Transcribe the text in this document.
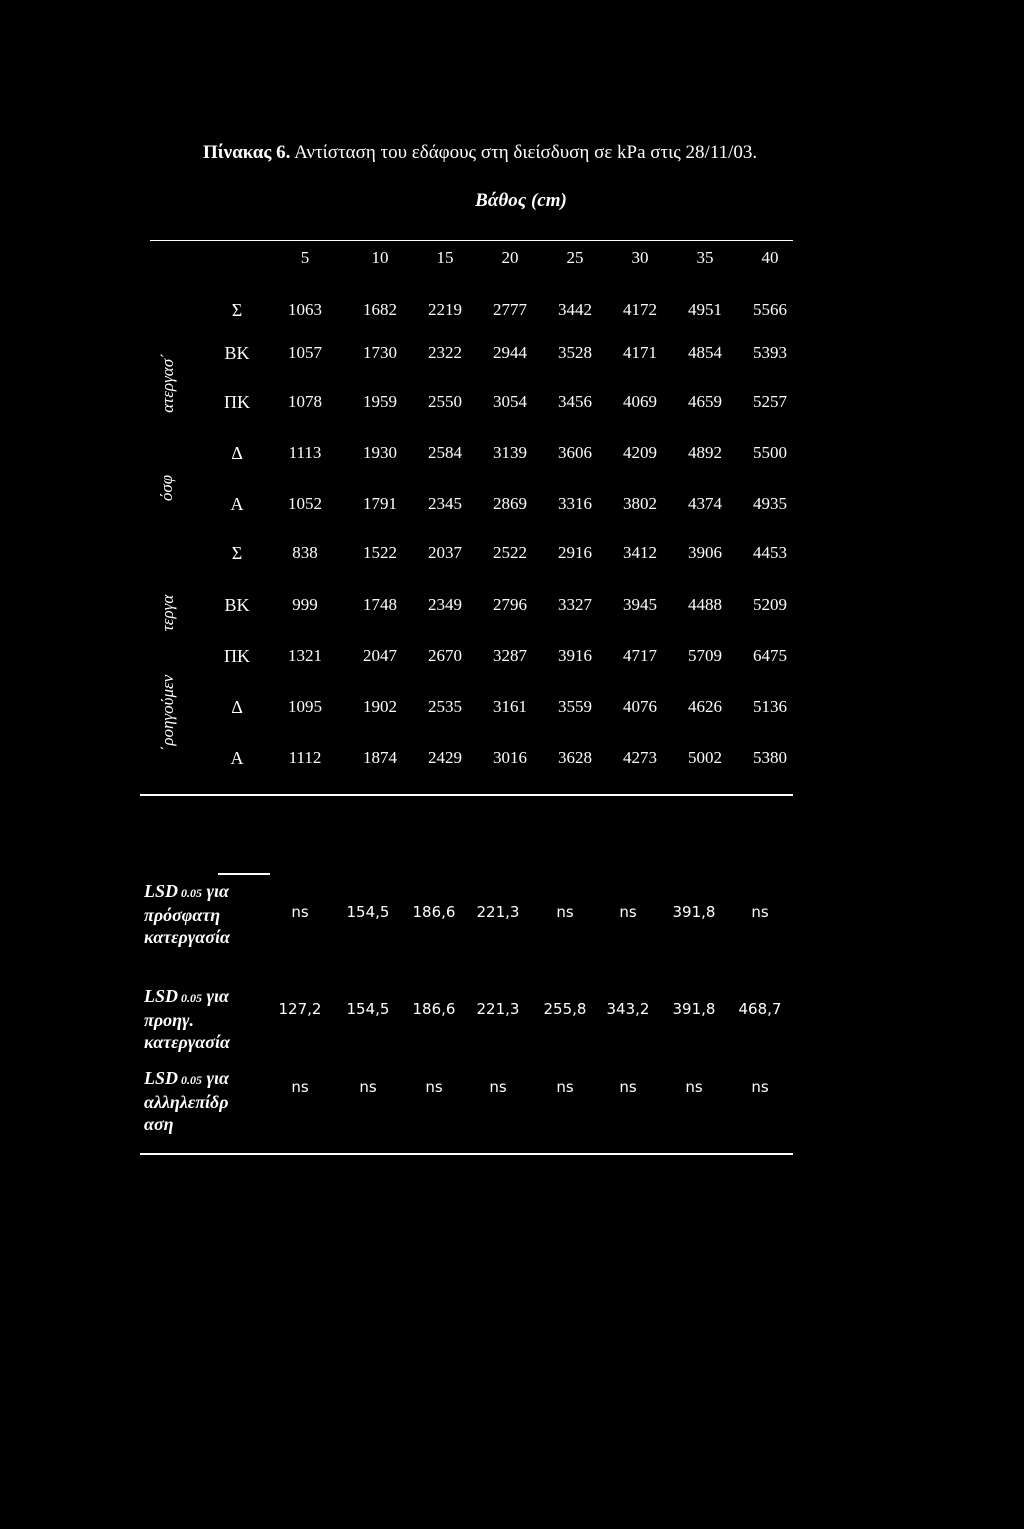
Πίνακας 6. Αντίσταση του εδάφους στη διείσδυση σε kPa στις 28/11/03.
Βάθος (cm)
5	10	15	20	25	30	35	40
Σ	1063	1682	2219	2777	3442	4172	4951	5566
ΒΚ	1057	1730	2322	2944	3528	4171	4854	5393
ΠΚ	1078	1959	2550	3054	3456	4069	4659	5257
Δ	1113	1930	2584	3139	3606	4209	4892	5500
Α	1052	1791	2345	2869	3316	3802	4374	4935
Σ	838	1522	2037	2522	2916	3412	3906	4453
ΒΚ	999	1748	2349	2796	3327	3945	4488	5209
ΠΚ	1321	2047	2670	3287	3916	4717	5709	6475
Δ	1095	1902	2535	3161	3559	4076	4626	5136
Α	1112	1874	2429	3016	3628	4273	5002	5380
ατεργασ΄
όσφ
τεργα
΄ροηγούμεν
LSD 0.05 για πρόσφατη κατεργασία
ns	154,5	186,6	221,3	ns	ns	391,8	ns
LSD 0.05 για προηγ. κατεργασία
127,2	154,5	186,6	221,3	255,8	343,2	391,8	468,7
LSD 0.05 για αλληλεπίδρ αση
ns	ns	ns	ns	ns	ns	ns	ns
